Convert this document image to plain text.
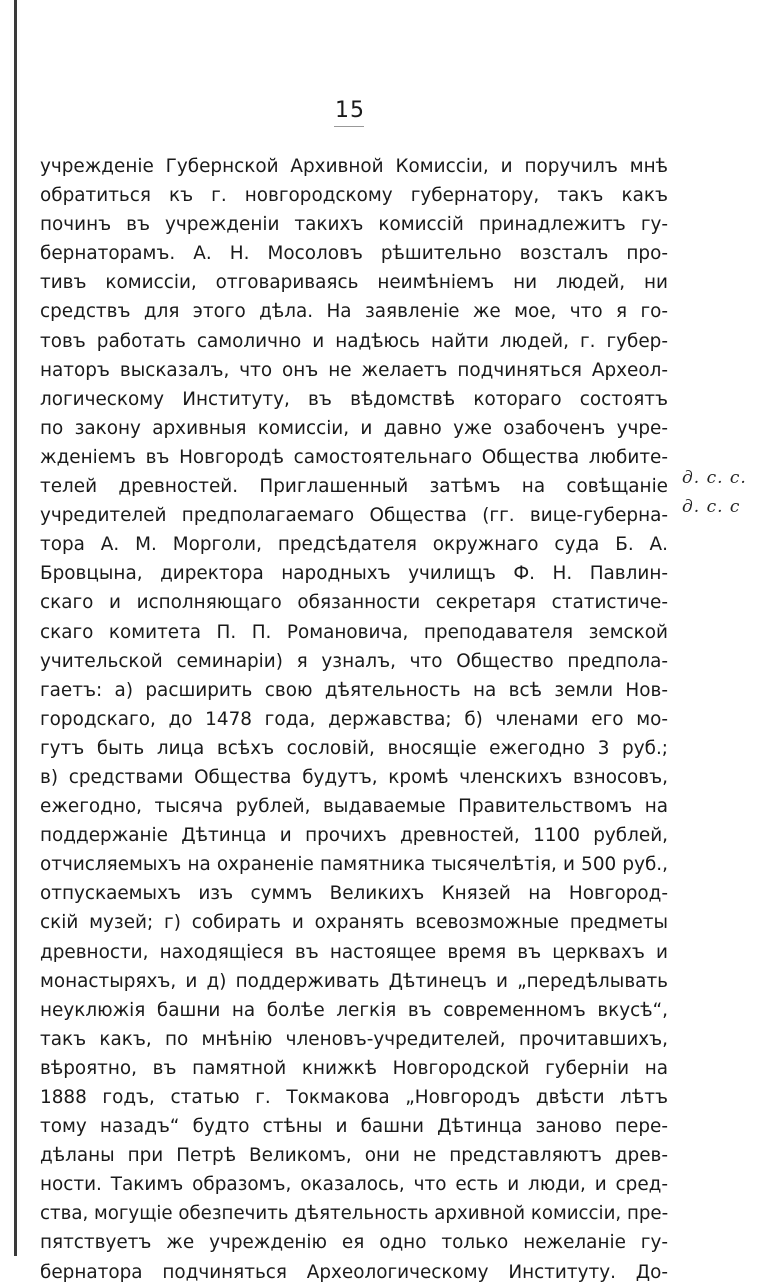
15
учрежденіе Губернской Архивной Комиссіи, и поручилъ мнѣ
обратиться къ г. новгородскому губернатору, такъ какъ
починъ въ учрежденіи такихъ комиссій принадлежитъ гу-
бернаторамъ. А. Н. Мосоловъ рѣшительно возсталъ про-
тивъ комиссіи, отговариваясь неимѣніемъ ни людей, ни
средствъ для этого дѣла. На заявленіе же мое, что я го-
товъ работать самолично и надѣюсь найти людей, г. губер-
наторъ высказалъ, что онъ не желаетъ подчиняться Археол-
логическому Институту, въ вѣдомствѣ котораго состоятъ
по закону архивныя комиссіи, и давно уже озабоченъ учре-
жденіемъ въ Новгородѣ самостоятельнаго Общества любите-
телей древностей. Приглашенный затѣмъ на совѣщаніе
учредителей предполагаемаго Общества (гг. вице-губерна-
тора А. М. Морголи, предсѣдателя окружнаго суда Б. А.
Бровцына, директора народныхъ училищъ Ф. Н. Павлин-
скаго и исполняющаго обязанности секретаря статистиче-
скаго комитета П. П. Романовича, преподавателя земской
учительской семинаріи) я узналъ, что Общество предпола-
гаетъ: а) расширить свою дѣятельность на всѣ земли Нов-
городскаго, до 1478 года, державства; б) членами его мо-
гутъ быть лица всѣхъ сословій, вносящіе ежегодно 3 руб.;
в) средствами Общества будутъ, кромѣ членскихъ взносовъ,
ежегодно, тысяча рублей, выдаваемые Правительствомъ на
поддержаніе Дѣтинца и прочихъ древностей, 1100 рублей,
отчисляемыхъ на охраненіе памятника тысячелѣтія, и 500 руб.,
отпускаемыхъ изъ суммъ Великихъ Князей на Новгород-
скій музей; г) собирать и охранять всевозможные предметы
древности, находящіеся въ настоящее время въ церквахъ и
монастыряхъ, и д) поддерживать Дѣтинецъ и „передѣлывать
неуклюжія башни на болѣе легкія въ современномъ вкусѣ“,
такъ какъ, по мнѣнію членовъ-учредителей, прочитавшихъ,
вѣроятно, въ памятной книжкѣ Новгородской губерніи на
1888 годъ, статью г. Токмакова „Новгородъ двѣсти лѣтъ
тому назадъ“ будто стѣны и башни Дѣтинца заново пере-
дѣланы при Петрѣ Великомъ, они не представляютъ древ-
ности. Такимъ образомъ, оказалось, что есть и люди, и сред-
ства, могущіе обезпечить дѣятельность архивной комиссіи, пре-
пятствуетъ же учрежденію ея одно только нежеланіе гу-
бернатора подчиняться Археологическому Институту. До-
д. с. с.
д. с. с
